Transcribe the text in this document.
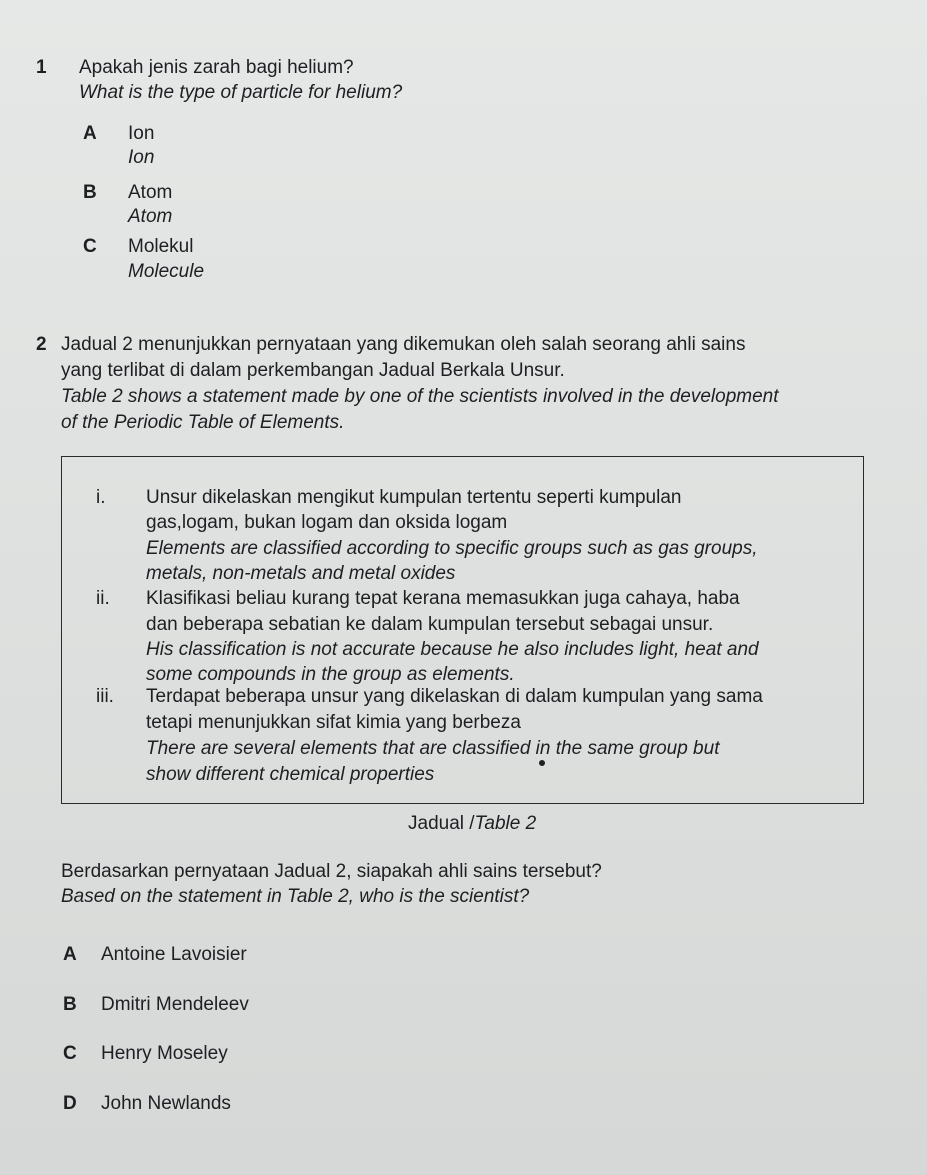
1 Apakah jenis zarah bagi helium?
What is the type of particle for helium?
A Ion
Ion
B Atom
Atom
C Molekul
Molecule
2 Jadual 2 menunjukkan pernyataan yang dikemukan oleh salah seorang ahli sains
yang terlibat di dalam perkembangan Jadual Berkala Unsur.
Table 2 shows a statement made by one of the scientists involved in the development
of the Periodic Table of Elements.
i. Unsur dikelaskan mengikut kumpulan tertentu seperti kumpulan
gas,logam, bukan logam dan oksida logam
Elements are classified according to specific groups such as gas groups,
metals, non-metals and metal oxides
ii. Klasifikasi beliau kurang tepat kerana memasukkan juga cahaya, haba
dan beberapa sebatian ke dalam kumpulan tersebut sebagai unsur.
His classification is not accurate because he also includes light, heat and
some compounds in the group as elements.
iii. Terdapat beberapa unsur yang dikelaskan di dalam kumpulan yang sama
tetapi menunjukkan sifat kimia yang berbeza
There are several elements that are classified in the same group but
show different chemical properties
Jadual /Table 2
Berdasarkan pernyataan Jadual 2, siapakah ahli sains tersebut?
Based on the statement in Table 2, who is the scientist?
A Antoine Lavoisier
B Dmitri Mendeleev
C Henry Moseley
D John Newlands
